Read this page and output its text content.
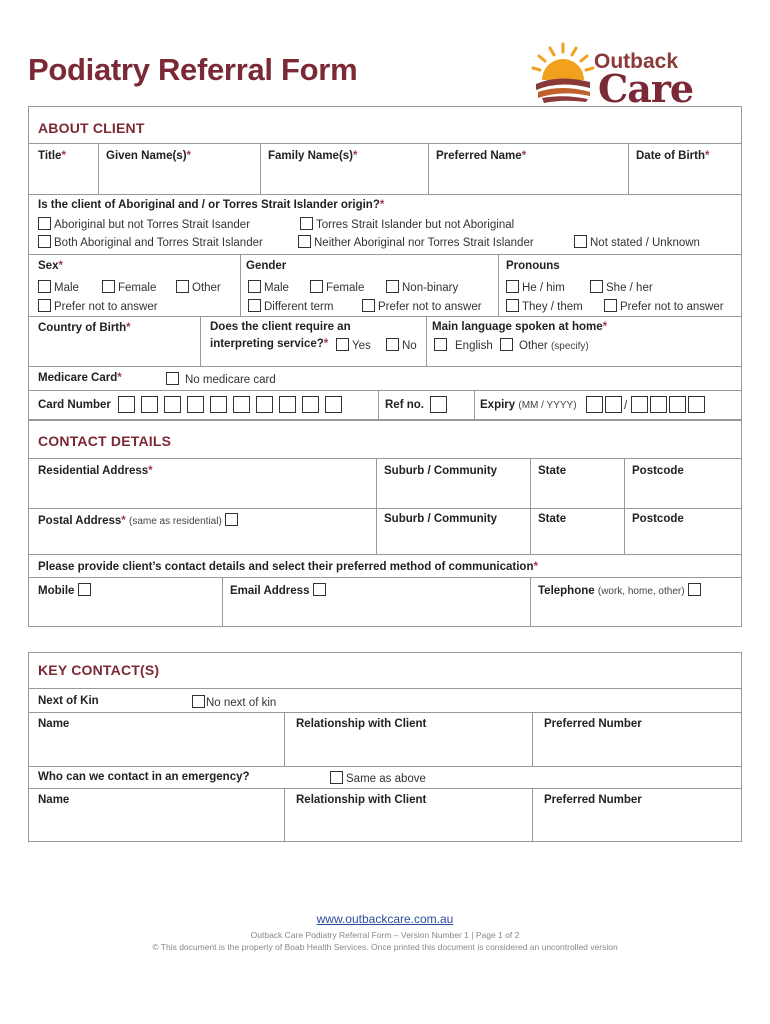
Podiatry Referral Form	Outback
Care
ABOUT CLIENT
Title*	Given Name(s)*	Family Name(s)*	Preferred Name*	Date of Birth*
Is the client of Aboriginal and / or Torres Strait Islander origin?*
Aboriginal but not Torres Strait Isander	Torres Strait Islander but not Aboriginal
Both Aboriginal and Torres Strait Islander	Neither Aboriginal nor Torres Strait Islander	Not stated / Unknown
Sex*
Male	Female	Other
Prefer not to answer
Gender
Male	Female	Non-binary
Different term	Prefer not to answer
Pronouns
He / him	She / her
They / them	Prefer not to answer
Country of Birth*	Does the client require an
interpreting service?*	Yes	No
Main language spoken at home*
English	Other (specify)
Medicare Card*	No medicare card
Card Number	Ref no.	Expiry (MM / YYYY)	/
CONTACT DETAILS
Residential Address*	Suburb / Community	State	Postcode
Postal Address* (same as residential)	Suburb / Community	State	Postcode
Please provide client’s contact details and select their preferred method of communication*
Mobile	Email Address	Telephone (work, home, other)
KEY CONTACT(S)
Next of Kin	No next of kin
Name	Relationship with Client	Preferred Number
Who can we contact in an emergency?	Same as above
Name	Relationship with Client	Preferred Number
www.outbackcare.com.au
Outback Care Podiatry Referral Form – Version Number 1 | Page 1 of 2
© This document is the property of Boab Health Services. Once printed this document is considered an uncontrolled version
